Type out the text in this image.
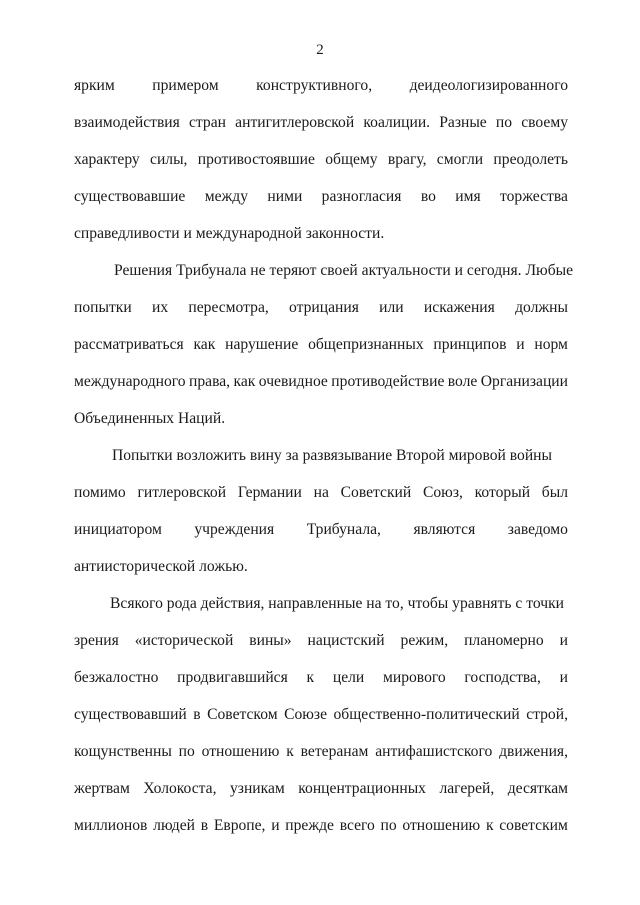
2
ярким примером конструктивного, деидеологизированного
взаимодействия стран антигитлеровской коалиции. Разные по своему
характеру силы, противостоявшие общему врагу, смогли преодолеть
существовавшие между ними разногласия во имя торжества
справедливости и международной законности.
Решения Трибунала не теряют своей актуальности и сегодня. Любые
попытки их пересмотра, отрицания или искажения должны
рассматриваться как нарушение общепризнанных принципов и норм
международного права, как очевидное противодействие воле Организации
Объединенных Наций.
Попытки возложить вину за развязывание Второй мировой войны
помимо гитлеровской Германии на Советский Союз, который был
инициатором учреждения Трибунала, являются заведомо
антиисторической ложью.
Всякого рода действия, направленные на то, чтобы уравнять с точки
зрения «исторической вины» нацистский режим, планомерно и
безжалостно продвигавшийся к цели мирового господства, и
существовавший в Советском Союзе общественно-политический строй,
кощунственны по отношению к ветеранам антифашистского движения,
жертвам Холокоста, узникам концентрационных лагерей, десяткам
миллионов людей в Европе, и прежде всего по отношению к советским
